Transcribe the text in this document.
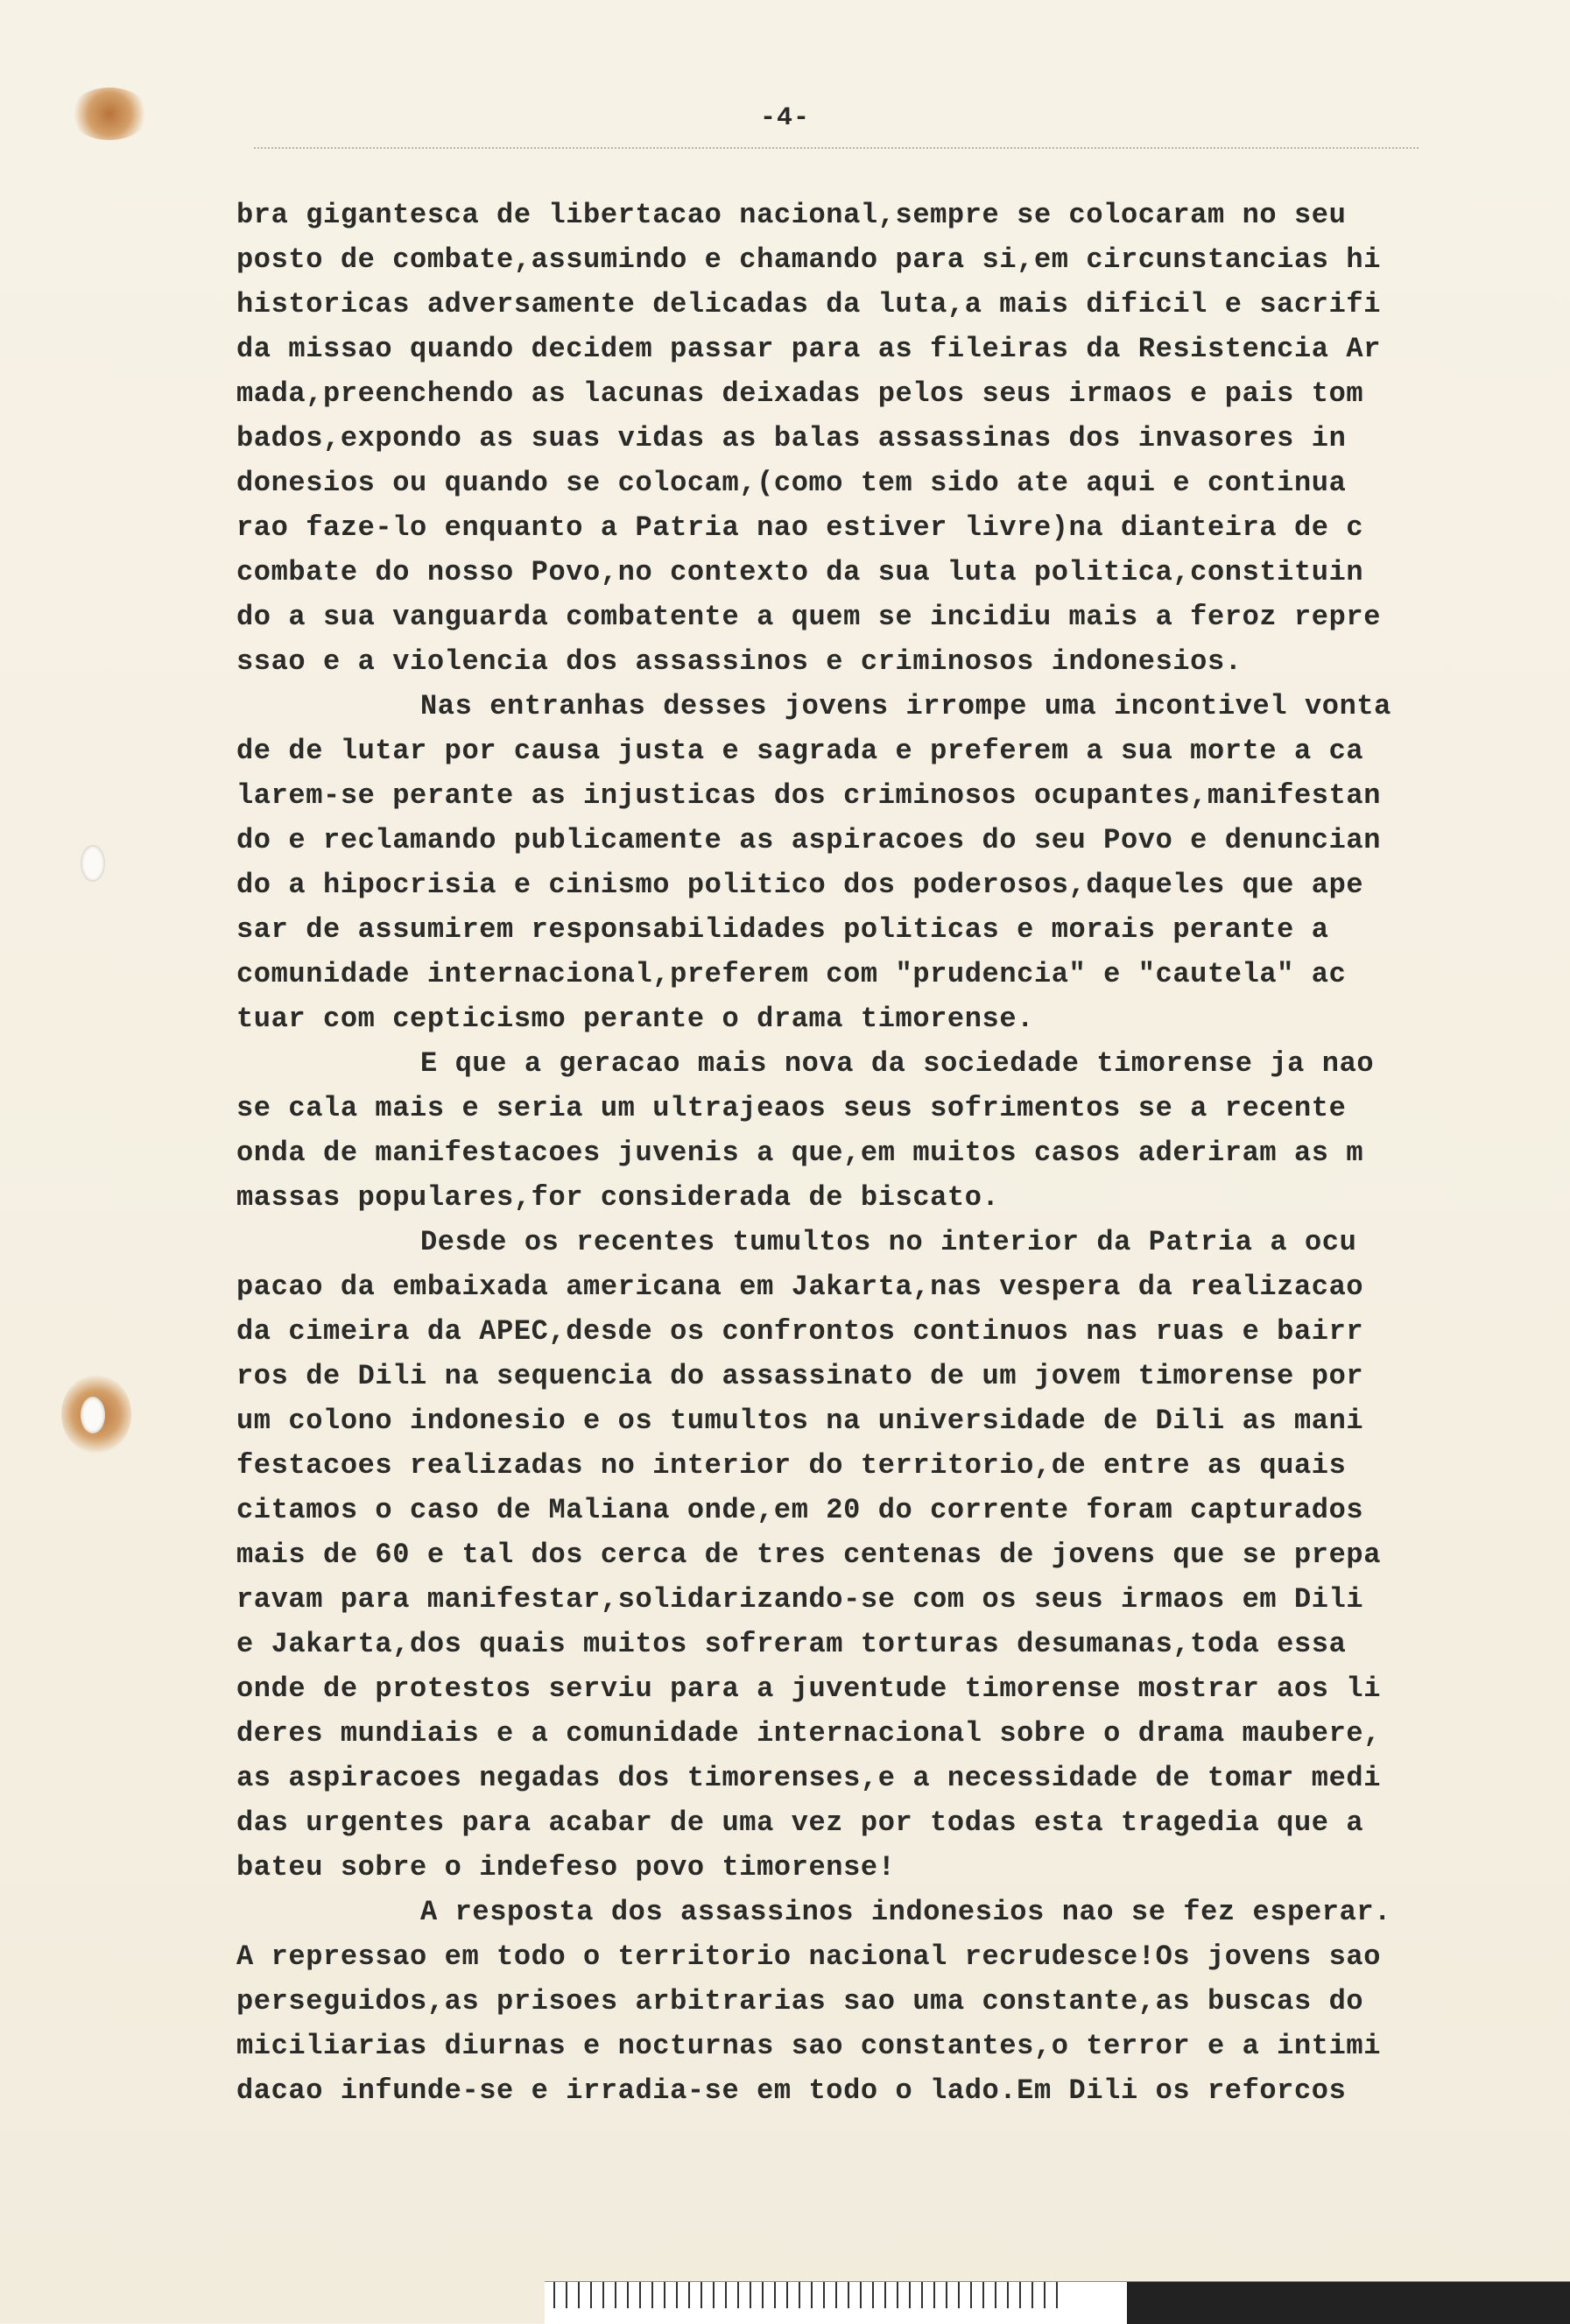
-4-
bra gigantesca de libertacao nacional,sempre se colocaram no seu
posto de combate,assumindo e chamando para si,em circunstancias hi
historicas adversamente delicadas da luta,a mais dificil e sacrifi
da missao quando decidem passar para as fileiras da Resistencia Ar
mada,preenchendo as lacunas deixadas pelos seus irmaos e pais tom
bados,expondo as suas vidas as balas assassinas dos invasores in
donesios ou quando se colocam,(como tem sido ate aqui e continua
rao faze-lo enquanto a Patria nao estiver livre)na dianteira de c
combate do nosso Povo,no contexto da sua luta politica,constituin
do a sua vanguarda combatente a quem se incidiu mais a feroz repre
ssao e a violencia dos assassinos e criminosos indonesios.
Nas entranhas desses jovens irrompe uma incontivel vonta
de de lutar por causa justa e sagrada e preferem a sua morte a ca
larem-se perante as injusticas dos criminosos ocupantes,manifestan
do e reclamando publicamente as aspiracoes do seu Povo e denuncian
do a hipocrisia e cinismo politico dos poderosos,daqueles que ape
sar de assumirem responsabilidades politicas e morais perante a
comunidade internacional,preferem com "prudencia" e "cautela" ac
tuar com cepticismo perante o drama timorense.
E que a geracao mais nova da sociedade timorense ja nao
se cala mais e seria um ultrajeaos seus sofrimentos se a recente
onda de manifestacoes juvenis a que,em muitos casos aderiram as m
massas populares,for considerada de biscato.
Desde os recentes tumultos no interior da Patria a ocu
pacao da embaixada americana em Jakarta,nas vespera da realizacao
da cimeira da APEC,desde os confrontos continuos nas ruas e bairr
ros de Dili na sequencia do assassinato de um jovem timorense por
um colono indonesio e os tumultos na universidade de Dili as mani
festacoes realizadas no interior do territorio,de entre as quais
citamos o caso de Maliana onde,em 20 do corrente foram capturados
mais de 60 e tal dos cerca de tres centenas de jovens que se prepa
ravam para manifestar,solidarizando-se com os seus irmaos em Dili
e Jakarta,dos quais muitos sofreram torturas desumanas,toda essa
onde de protestos serviu para a juventude timorense mostrar aos li
deres mundiais e a comunidade internacional sobre o drama maubere,
as aspiracoes negadas dos timorenses,e a necessidade de tomar medi
das urgentes para acabar de uma vez por todas esta tragedia que a
bateu sobre o indefeso povo timorense!
A resposta dos assassinos indonesios nao se fez esperar.
A repressao em todo o territorio nacional recrudesce!Os jovens sao
perseguidos,as prisoes arbitrarias sao uma constante,as buscas do
miciliarias diurnas e nocturnas sao constantes,o terror e a intimi
dacao infunde-se e irradia-se em todo o lado.Em Dili os reforcos
